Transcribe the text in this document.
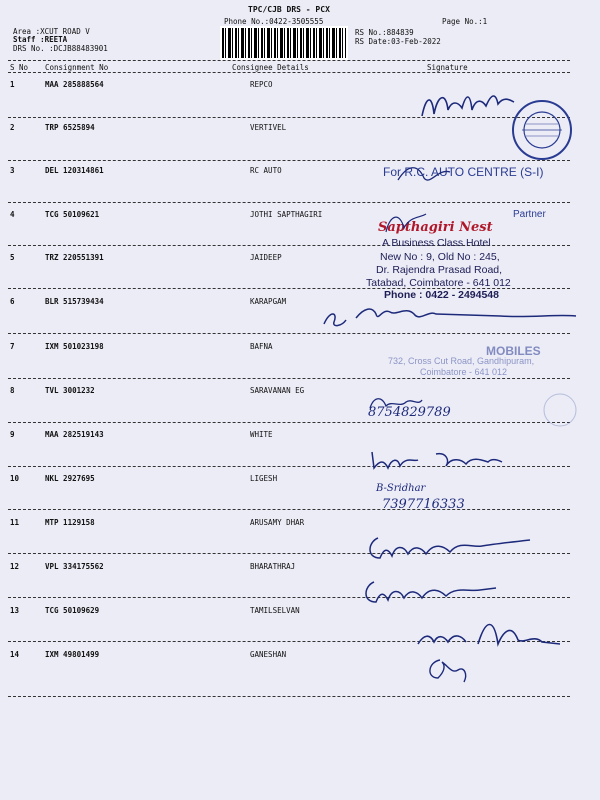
TPC/CJB DRS - PCX
Phone No.:0422-3505555	Page No.:1
Area :XCUT ROAD V
Staff :REETA
DRS No. :DCJB88483901
RS No.:884839
RS Date:03-Feb-2022
S No Consignment No	Consignee Details	Signature
1	MAA 285888564	REPCO
2	TRP 6525894	VERTIVEL
3	DEL 120314861	RC AUTO
4	TCG 50109621	JOTHI SAPTHAGIRI
5	TRZ 220551391	JAIDEEP
6	BLR 515739434	KARAPGAM
7	IXM 501023198	BAFNA
8	TVL 3001232	SARAVANAN EG
9	MAA 282519143	WHITE
10	NKL 2927695	LIGESH
11	MTP 1129158	ARUSAMY DHAR
12	VPL 334175562	BHARATHRAJ
13	TCG 50109629	TAMILSELVAN
14	IXM 49801499	GANESHAN
For R.C. AUTO CENTRE (S-I)
Partner
Sapthagiri Nest
A Business Class Hotel
New No : 9, Old No : 245,
Dr. Rajendra Prasad Road,
Tatabad, Coimbatore - 641 012
Phone : 0422 - 2494548
MOBILES
732, Cross Cut Road, Gandhipuram,
Coimbatore - 641 012
8754829789
B-Sridhar
7397716333
